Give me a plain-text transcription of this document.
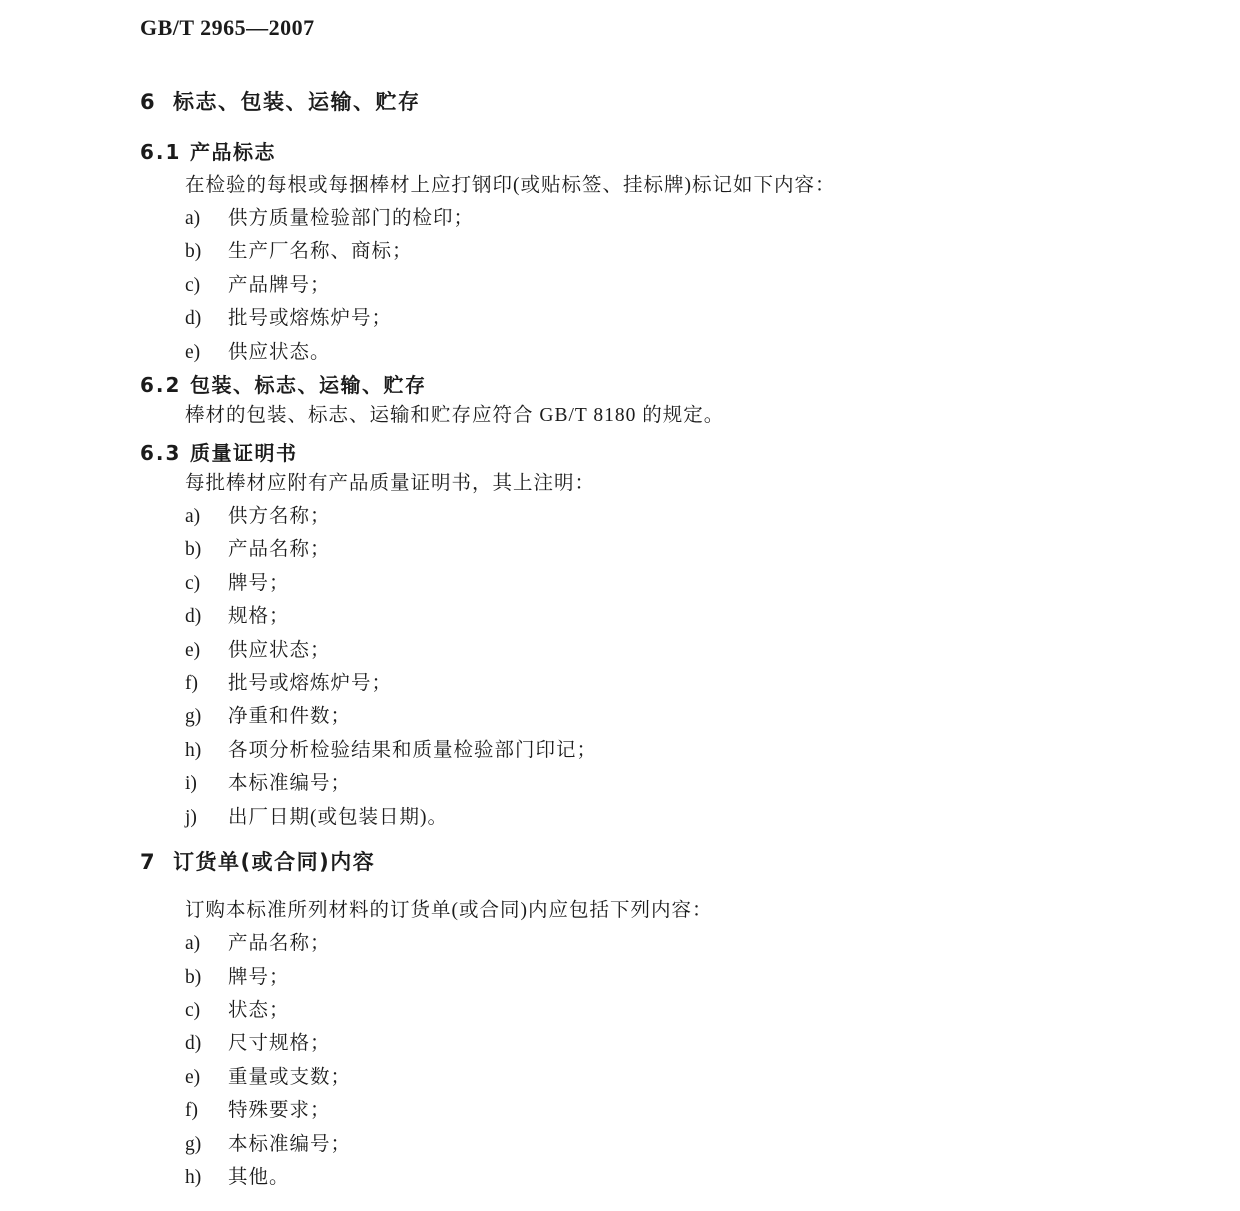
GB/T 2965—2007
6 标志、包装、运输、贮存
6.1 产品标志

在检验的每根或每捆棒材上应打钢印(或贴标签、挂标牌)标记如下内容：

a)	供方质量检验部门的检印；
b)	生产厂名称、商标；
c)	产品牌号；
d)	批号或熔炼炉号；
e)	供应状态。
6.2 包装、标志、运输、贮存

棒材的包装、标志、运输和贮存应符合 GB/T 8180 的规定。

6.3 质量证明书

每批棒材应附有产品质量证明书，其上注明：

a)	供方名称；
b)	产品名称；
c)	牌号；
d)	规格；
e)	供应状态；
f)	批号或熔炼炉号；
g)	净重和件数；
h)	各项分析检验结果和质量检验部门印记；
i)	本标准编号；
j)	出厂日期(或包装日期)。
7 订货单(或合同)内容

订购本标准所列材料的订货单(或合同)内应包括下列内容：

a)	产品名称；
b)	牌号；
c)	状态；
d)	尺寸规格；
e)	重量或支数；
f)	特殊要求；
g)	本标准编号；
h)	其他。
